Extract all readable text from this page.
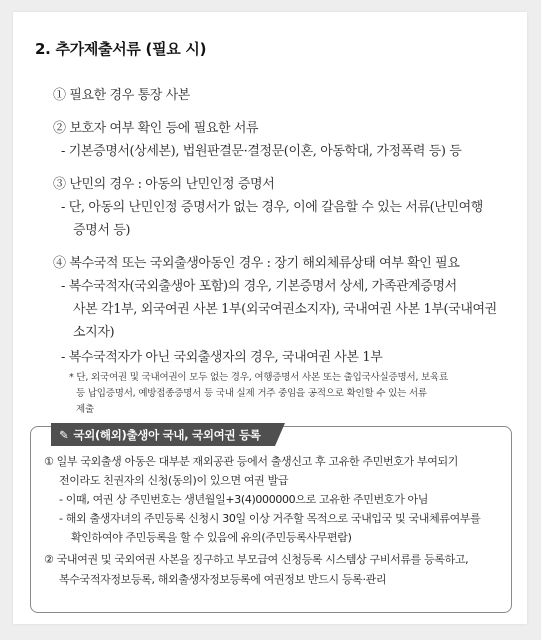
2. 추가제출서류 (필요 시)
① 필요한 경우 통장 사본
② 보호자 여부 확인 등에 필요한 서류
- 기본증명서(상세본), 법원판결문·결정문(이혼, 아동학대, 가정폭력 등) 등
③ 난민의 경우 : 아동의 난민인정 증명서
- 단, 아동의 난민인정 증명서가 없는 경우, 이에 갈음할 수 있는 서류(난민여행
증명서 등)
④ 복수국적 또는 국외출생아동인 경우 : 장기 해외체류상태 여부 확인 필요
- 복수국적자(국외출생아 포함)의 경우, 기본증명서 상세, 가족관계증명서
사본 각1부, 외국여권 사본 1부(외국여권소지자), 국내여권 사본 1부(국내여권
소지자)
- 복수국적자가 아닌 국외출생자의 경우, 국내여권 사본 1부
* 단, 외국여권 및 국내여권이 모두 없는 경우, 여행증명서 사본 또는 출입국사실증명서, 보육료
등 납입증명서, 예방접종증명서 등 국내 실제 거주 중임을 공적으로 확인할 수 있는 서류
제출
① 일부 국외출생 아동은 대부분 재외공관 등에서 출생신고 후 고유한 주민번호가 부여되기
전이라도 친권자의 신청(동의)이 있으면 여권 발급
- 이때, 여권 상 주민번호는 생년월일+3(4)000000으로 고유한 주민번호가 아님
- 해외 출생자녀의 주민등록 신청시 30일 이상 거주할 목적으로 국내입국 및 국내체류여부를
확인하여야 주민등록을 할 수 있음에 유의(주민등록사무편람)
② 국내여권 및 국외여권 사본을 징구하고 부모급여 신청등록 시스템상 구비서류를 등록하고,
복수국적자정보등록, 해외출생자정보등록에 여권정보 반드시 등록·관리
✎ 국외(해외)출생아 국내, 국외여권 등록
